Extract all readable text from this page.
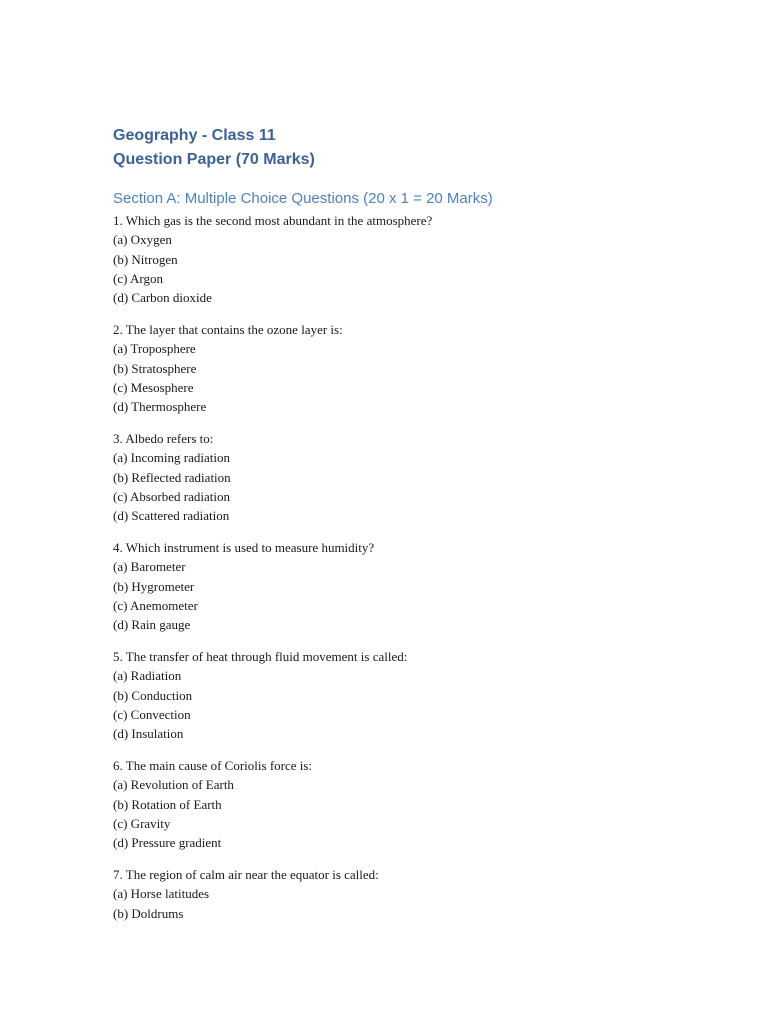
Geography - Class 11

Question Paper (70 Marks)

Section A: Multiple Choice Questions (20 x 1 = 20 Marks)

1. Which gas is the second most abundant in the atmosphere?
(a) Oxygen
(b) Nitrogen
(c) Argon
(d) Carbon dioxide
2. The layer that contains the ozone layer is:
(a) Troposphere
(b) Stratosphere
(c) Mesosphere
(d) Thermosphere
3. Albedo refers to:
(a) Incoming radiation
(b) Reflected radiation
(c) Absorbed radiation
(d) Scattered radiation
4. Which instrument is used to measure humidity?
(a) Barometer
(b) Hygrometer
(c) Anemometer
(d) Rain gauge
5. The transfer of heat through fluid movement is called:
(a) Radiation
(b) Conduction
(c) Convection
(d) Insulation
6. The main cause of Coriolis force is:
(a) Revolution of Earth
(b) Rotation of Earth
(c) Gravity
(d) Pressure gradient
7. The region of calm air near the equator is called:
(a) Horse latitudes
(b) Doldrums
